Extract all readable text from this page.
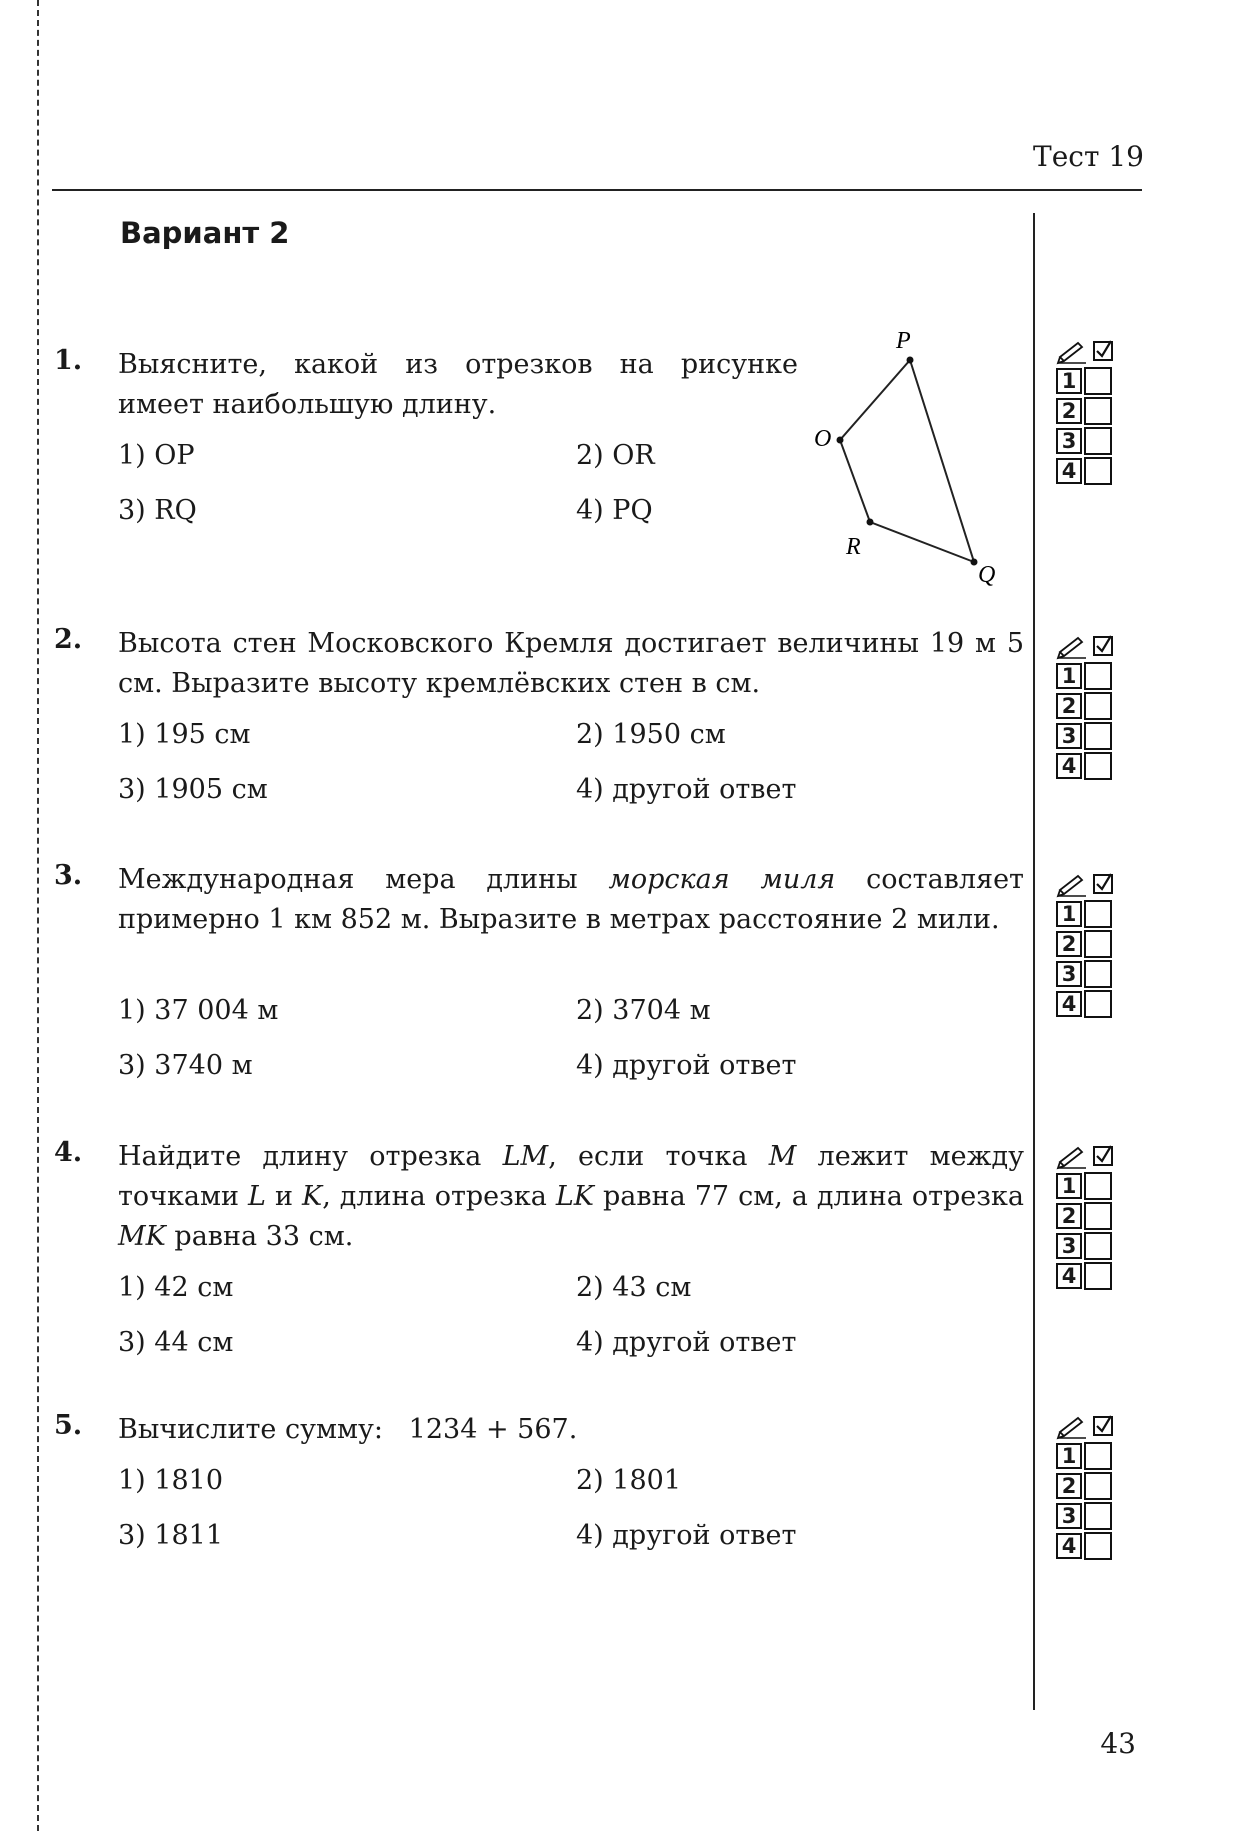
Тест 19
Вариант 2
1. Выясните, какой из отрезков на рисунке имеет наибольшую длину.
1) OP	2) OR
3) RQ	4) PQ
P
O
R
Q
2. Высота стен Московского Кремля достигает величины 19 м 5 см. Выразите высоту кремлёвских стен в см.
1) 195 см	2) 1950 см
3) 1905 см	4) другой ответ
3. Международная мера длины морская миля составляет примерно 1 км 852 м. Выразите в метрах расстояние 2 мили.
1) 37 004 м	2) 3704 м
3) 3740 м	4) другой ответ
4. Найдите длину отрезка LM, если точка M лежит между точками L и K, длина отрезка LK равна 77 см, а длина отрезка MK равна 33 см.
1) 42 см	2) 43 см
3) 44 см	4) другой ответ
5. Вычислите сумму:   1234 + 567.
1) 1810	2) 1801
3) 1811	4) другой ответ
1
2
3
4
1
2
3
4
1
2
3
4
1
2
3
4
1
2
3
4
43
